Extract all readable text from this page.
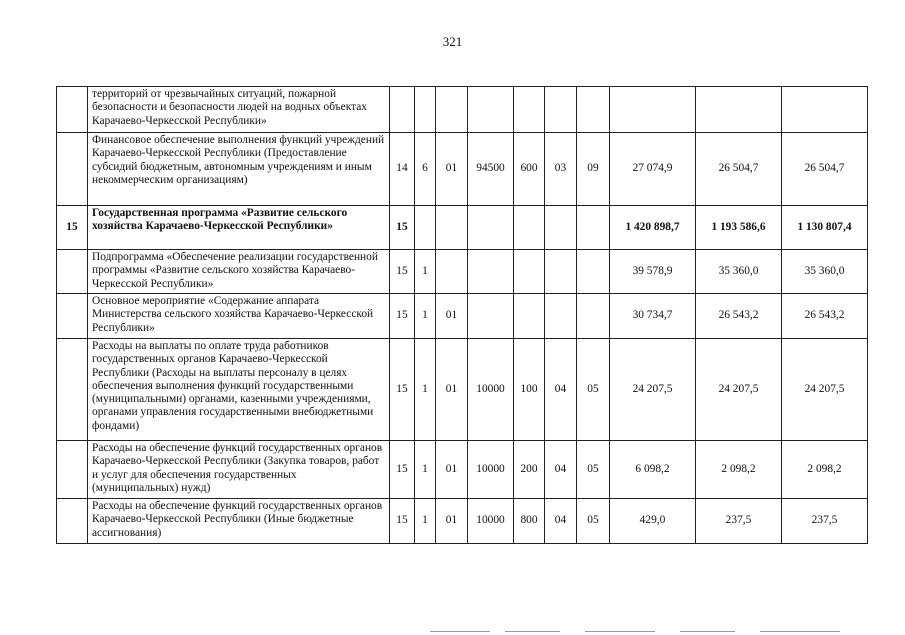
321
	территорий от чрезвычайных ситуаций, пожарной безопасности и безопасности людей на водных объектах Карачаево-Черкесской Республики»										
	Финансовое обеспечение выполнения функций учреждений Карачаево-Черкесской Республики (Предоставление субсидий бюджетным, автономным учреждениям и иным некоммерческим организациям)	14	6	01	94500	600	03	09	27 074,9	26 504,7	26 504,7
15	Государственная программа «Развитие сельского хозяйства Карачаево-Черкесской Республики»	15							1 420 898,7	1 193 586,6	1 130 807,4
	Подпрограмма «Обеспечение реализации государственной программы «Развитие сельского хозяйства Карачаево-Черкесской Республики»	15	1						39 578,9	35 360,0	35 360,0
	Основное мероприятие «Содержание аппарата Министерства сельского хозяйства Карачаево-Черкесской Республики»	15	1	01					30 734,7	26 543,2	26 543,2
	Расходы на выплаты по оплате труда работников государственных органов Карачаево-Черкесской Республики (Расходы на выплаты персоналу в целях обеспечения выполнения функций государственными (муниципальными) органами, казенными учреждениями, органами управления государственными внебюджетными фондами)	15	1	01	10000	100	04	05	24 207,5	24 207,5	24 207,5
	Расходы на обеспечение функций государственных органов Карачаево-Черкесской Республики (Закупка товаров, работ и услуг для обеспечения государственных (муниципальных) нужд)	15	1	01	10000	200	04	05	6 098,2	2 098,2	2 098,2
	Расходы на обеспечение функций государственных органов Карачаево-Черкесской Республики (Иные бюджетные ассигнования)	15	1	01	10000	800	04	05	429,0	237,5	237,5
